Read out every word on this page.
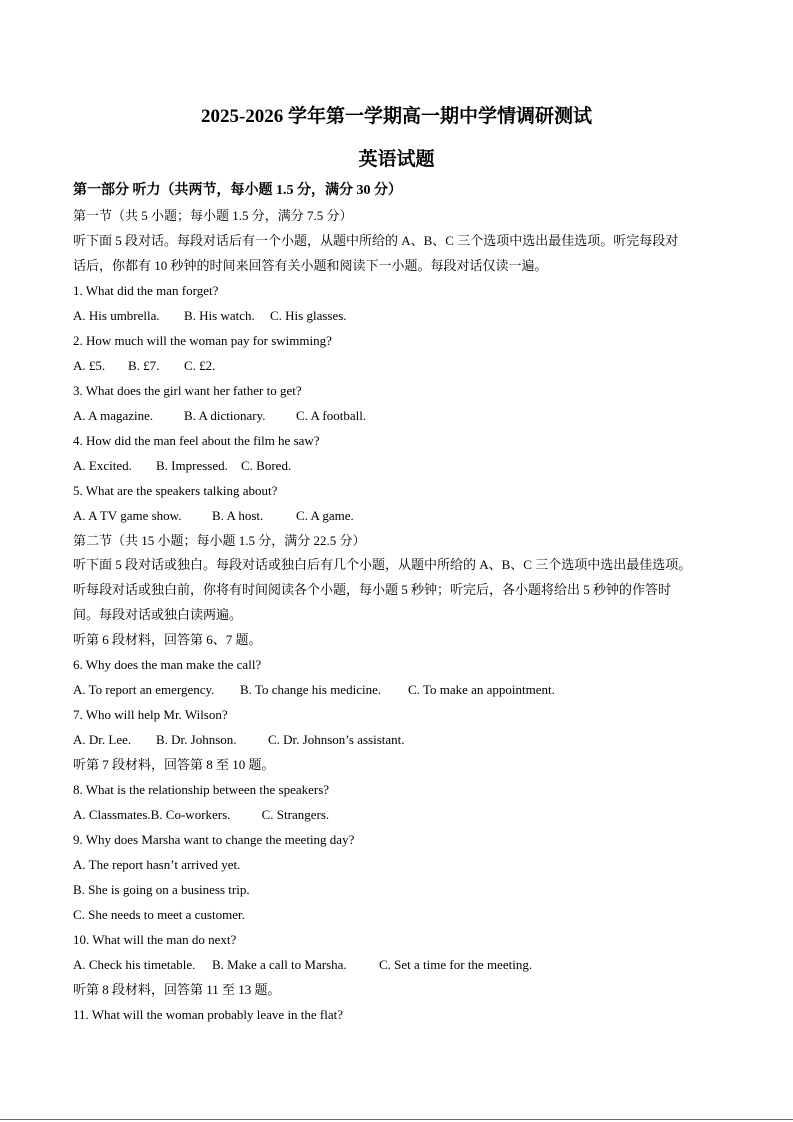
2025-2026 学年第一学期高一期中学情调研测试
英语试题
第一部分 听力（共两节，每小题 1.5 分，满分 30 分）
第一节（共 5 小题；每小题 1.5 分，满分 7.5 分）
听下面 5 段对话。每段对话后有一个小题，从题中所给的 A、B、C 三个选项中选出最佳选项。听完每段对
话后，你都有 10 秒钟的时间来回答有关小题和阅读下一小题。每段对话仅读一遍。
1. What did the man forget?
A. His umbrella. B. His watch. C. His glasses.
2. How much will the woman pay for swimming?
A. £5. B. £7. C. £2.
3. What does the girl want her father to get?
A. A magazine. B. A dictionary. C. A football.
4. How did the man feel about the film he saw?
A. Excited. B. Impressed. C. Bored.
5. What are the speakers talking about?
A. A TV game show. B. A host.	C. A game.
第二节（共 15 小题；每小题 1.5 分，满分 22.5 分）
听下面 5 段对话或独白。每段对话或独白后有几个小题，从题中所给的 A、B、C 三个选项中选出最佳选项。
听每段对话或独白前，你将有时间阅读各个小题，每小题 5 秒钟；听完后，各小题将给出 5 秒钟的作答时
间。每段对话或独白读两遍。
听第 6 段材料，回答第 6、7 题。
6. Why does the man make the call?
A. To report an emergency. B. To change his medicine. C. To make an appointment.
7. Who will help Mr. Wilson?
A. Dr. Lee. B. Dr. Johnson. C. Dr. Johnson’s assistant.
听第 7 段材料，回答第 8 至 10 题。
8. What is the relationship between the speakers?
A. Classmates.B. Co-workers. C. Strangers.
9. Why does Marsha want to change the meeting day?
A. The report hasn’t arrived yet.
B. She is going on a business trip.
C. She needs to meet a customer.
10. What will the man do next?
A. Check his timetable. B. Make a call to Marsha. C. Set a time for the meeting.
听第 8 段材料，回答第 11 至 13 题。
11. What will the woman probably leave in the flat?
